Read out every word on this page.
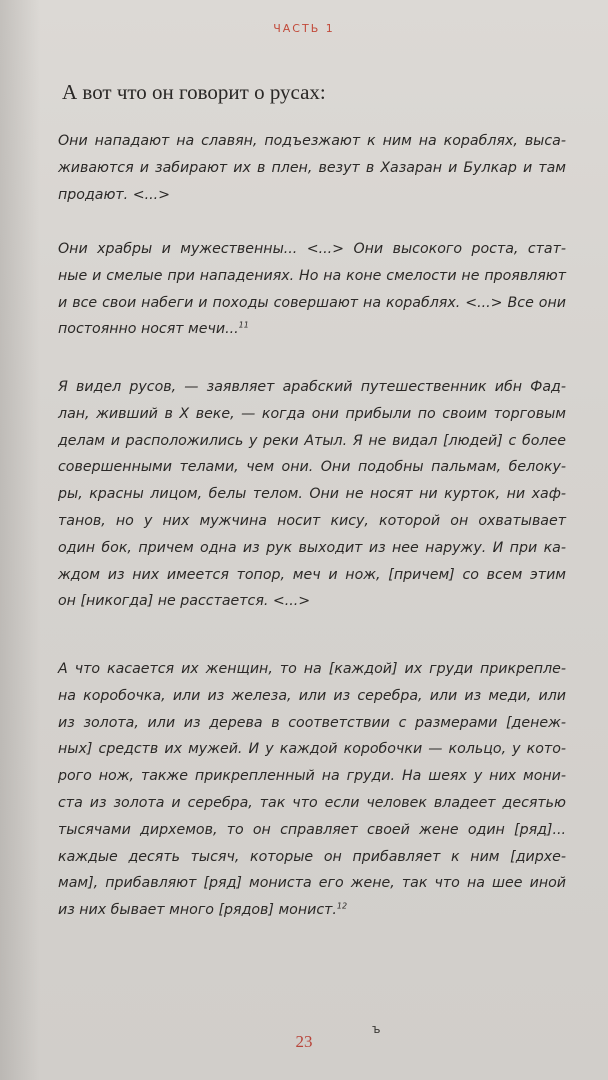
ЧАСТЬ 1
А вот что он говорит о русах:
Они нападают на славян, подъезжают к ним на кораблях, выса-
живаются и забирают их в плен, везут в Хазаран и Булкар и там
продают. <...>
Они храбры и мужественны... <...> Они высокого роста, стат-
ные и смелые при нападениях. Но на коне смелости не проявляют
и все свои набеги и походы совершают на кораблях. <...> Все они
постоянно носят мечи...$^{11}$
Я видел русов, — заявляет арабский путешественник ибн Фад-
лан, живший в X веке, — когда они прибыли по своим торговым
делам и расположились у реки Атыл. Я не видал [людей] с более
совершенными телами, чем они. Они подобны пальмам, белоку-
ры, красны лицом, белы телом. Они не носят ни курток, ни хаф-
танов, но у них мужчина носит кису, которой он охватывает
один бок, причем одна из рук выходит из нее наружу. И при ка-
ждом из них имеется топор, меч и нож, [причем] со всем этим
он [никогда] не расстается. <...>
А что касается их женщин, то на [каждой] их груди прикрепле-
на коробочка, или из железа, или из серебра, или из меди, или
из золота, или из дерева в соответствии с размерами [денеж-
ных] средств их мужей. И у каждой коробочки — кольцо, у кото-
рого нож, также прикрепленный на груди. На шеях у них мони-
ста из золота и серебра, так что если человек владеет десятью
тысячами дирхемов, то он справляет своей жене один [ряд]...
каждые десять тысяч, которые он прибавляет к ним [дирхе-
мам], прибавляют [ряд] мониста его жене, так что на шее иной
из них бывает много [рядов] монист.$^{12}$
ъ
23
